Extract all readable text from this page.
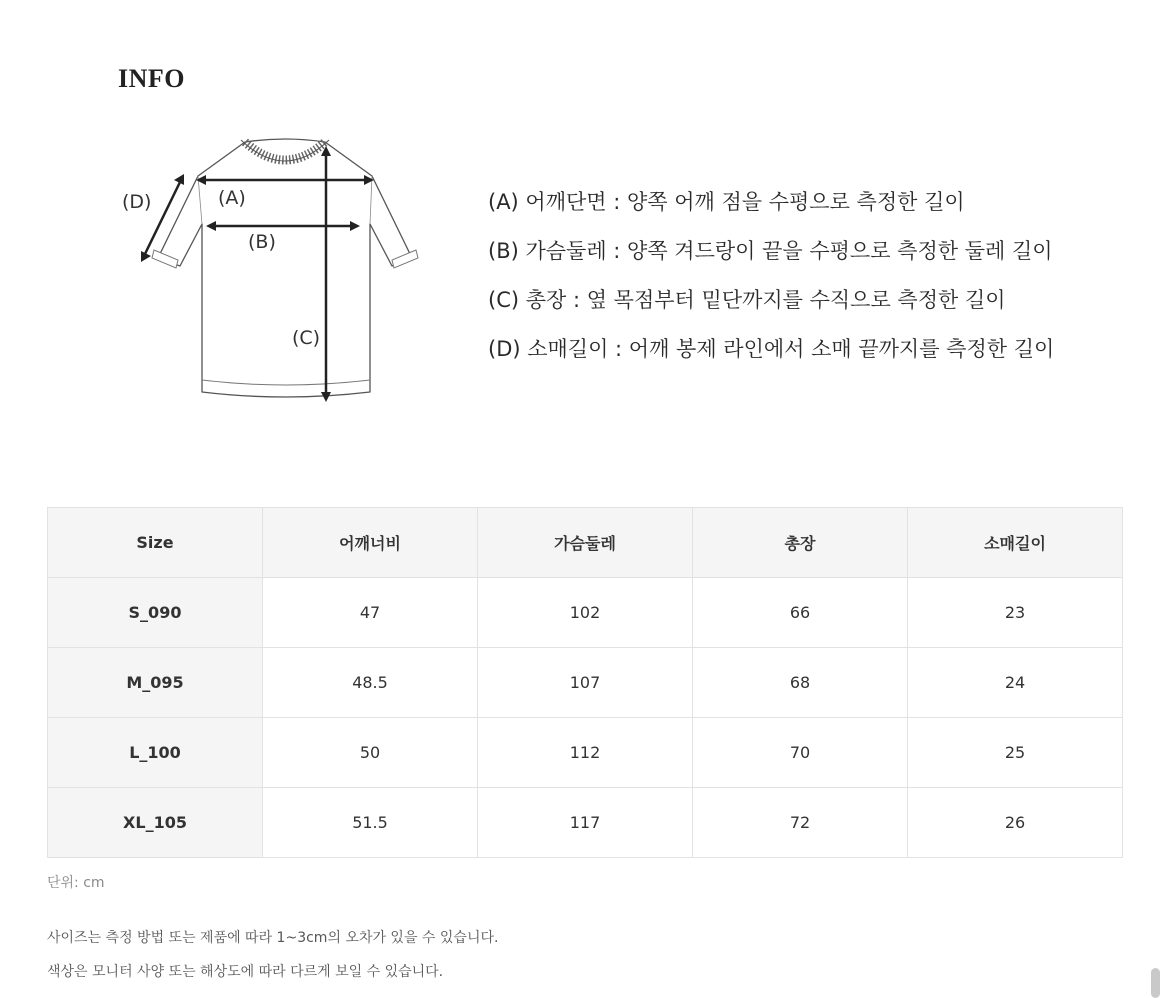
INFO
(A)
(B)
(C)
(D)	(A) 어깨단면 : 양쪽 어깨 점을 수평으로 측정한 길이
(B) 가슴둘레 : 양쪽 겨드랑이 끝을 수평으로 측정한 둘레 길이
(C) 총장 : 옆 목점부터 밑단까지를 수직으로 측정한 길이
(D) 소매길이 : 어깨 봉제 라인에서 소매 끝까지를 측정한 길이
Size	어깨너비	가슴둘레	총장	소매길이
S_090	47	102	66	23
M_095	48.5	107	68	24
L_100	50	112	70	25
XL_105	51.5	117	72	26
단위: cm
사이즈는 측정 방법 또는 제품에 따라 1~3cm의 오차가 있을 수 있습니다.
색상은 모니터 사양 또는 해상도에 따라 다르게 보일 수 있습니다.
